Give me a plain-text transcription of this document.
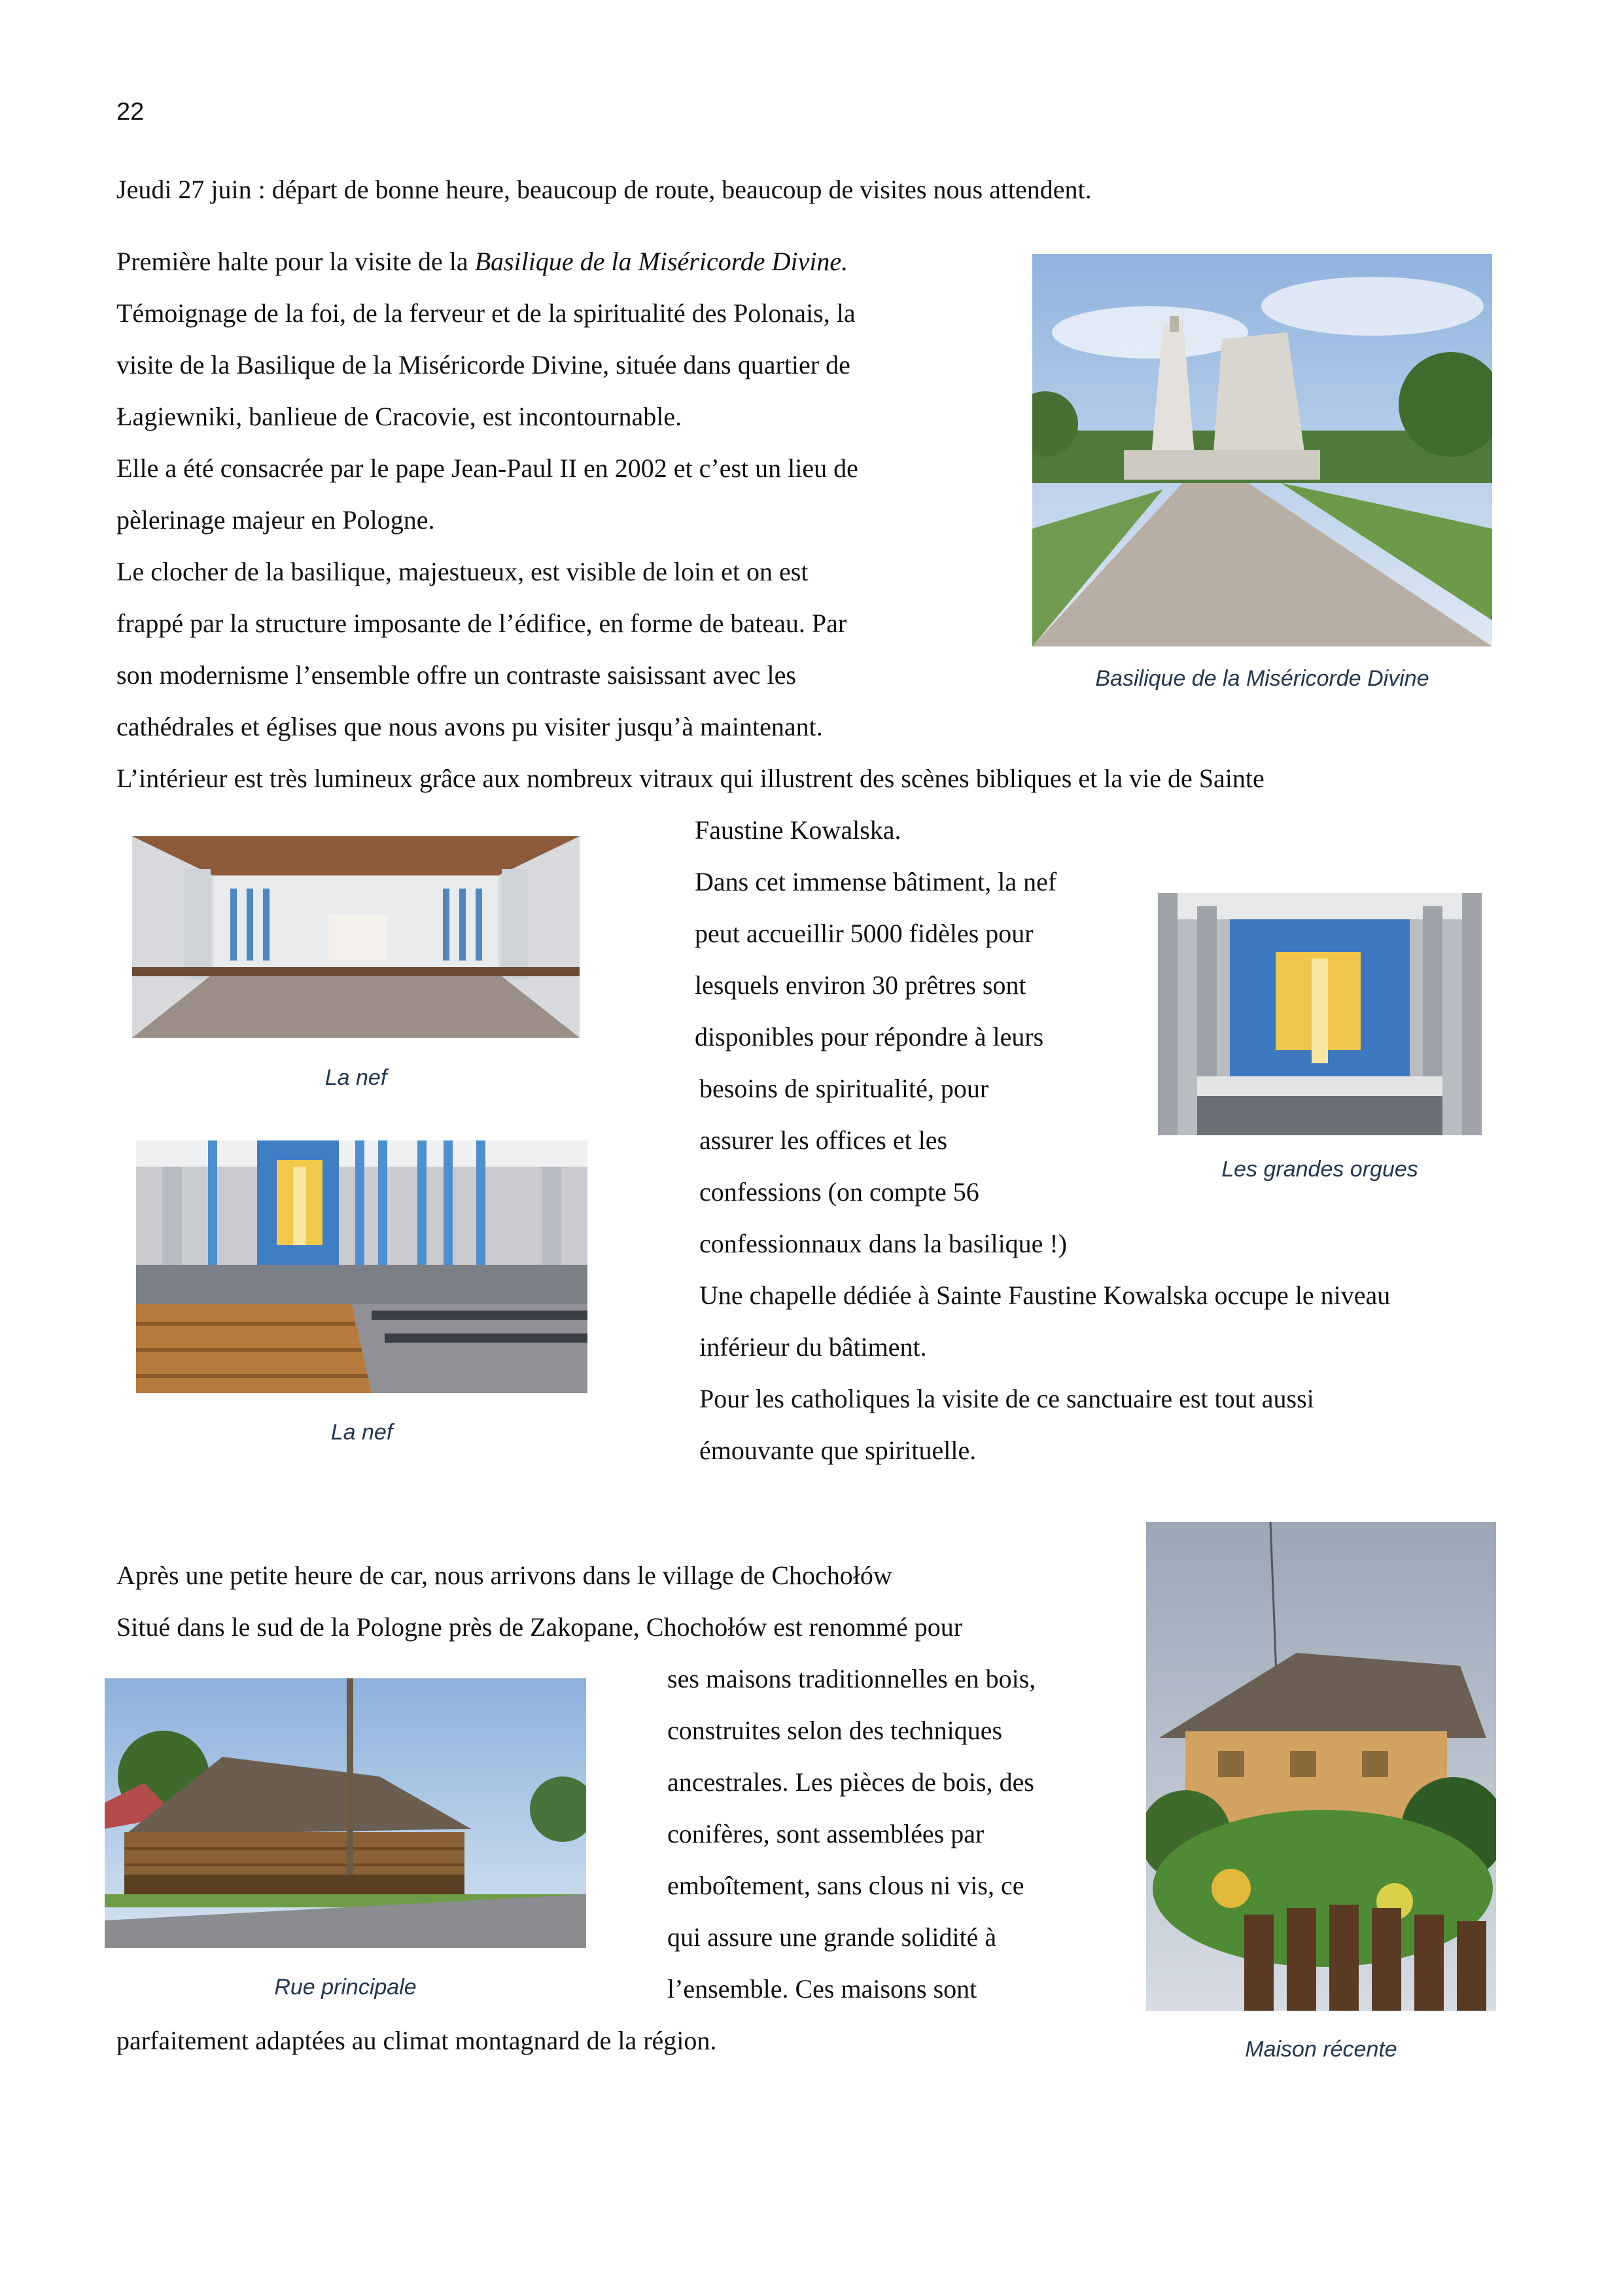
22
Jeudi 27 juin : départ de bonne heure, beaucoup de route, beaucoup de visites nous attendent.
Première halte pour la visite de la Basilique de la Miséricorde Divine.
Témoignage de la foi, de la ferveur et de la spiritualité des Polonais, la
visite de la Basilique de la Miséricorde Divine, située dans quartier de
Łagiewniki, banlieue de Cracovie, est incontournable.
Elle a été consacrée par le pape Jean-Paul II en 2002 et c’est un lieu de
pèlerinage majeur en Pologne.
Le clocher de la basilique, majestueux, est visible de loin et on est
frappé par la structure imposante de l’édifice, en forme de bateau. Par
son modernisme l’ensemble offre un contraste saisissant avec les
cathédrales et églises que nous avons pu visiter jusqu’à maintenant.
L’intérieur est très lumineux grâce aux nombreux vitraux qui illustrent des scènes bibliques et la vie de Sainte
Faustine Kowalska.
Basilique de la Miséricorde Divine
La nef
La nef
Les grandes orgues
Dans cet immense bâtiment, la nef
peut accueillir 5000 fidèles pour
lesquels environ 30 prêtres sont
disponibles pour répondre à leurs
besoins de spiritualité, pour
assurer les offices et les
confessions (on compte 56
confessionnaux dans la basilique !)
Une chapelle dédiée à Sainte Faustine Kowalska occupe le niveau
inférieur du bâtiment.
Pour les catholiques la visite de ce sanctuaire est tout aussi
émouvante que spirituelle.
Après une petite heure de car, nous arrivons dans le village de Chochołów
Situé dans le sud de la Pologne près de Zakopane, Chochołów est renommé pour
ses maisons traditionnelles en bois,
construites selon des techniques
ancestrales. Les pièces de bois, des
conifères, sont assemblées par
emboîtement, sans clous ni vis, ce
qui assure une grande solidité à
l’ensemble. Ces maisons sont
parfaitement adaptées au climat montagnard de la région.
Rue principale
Maison récente
